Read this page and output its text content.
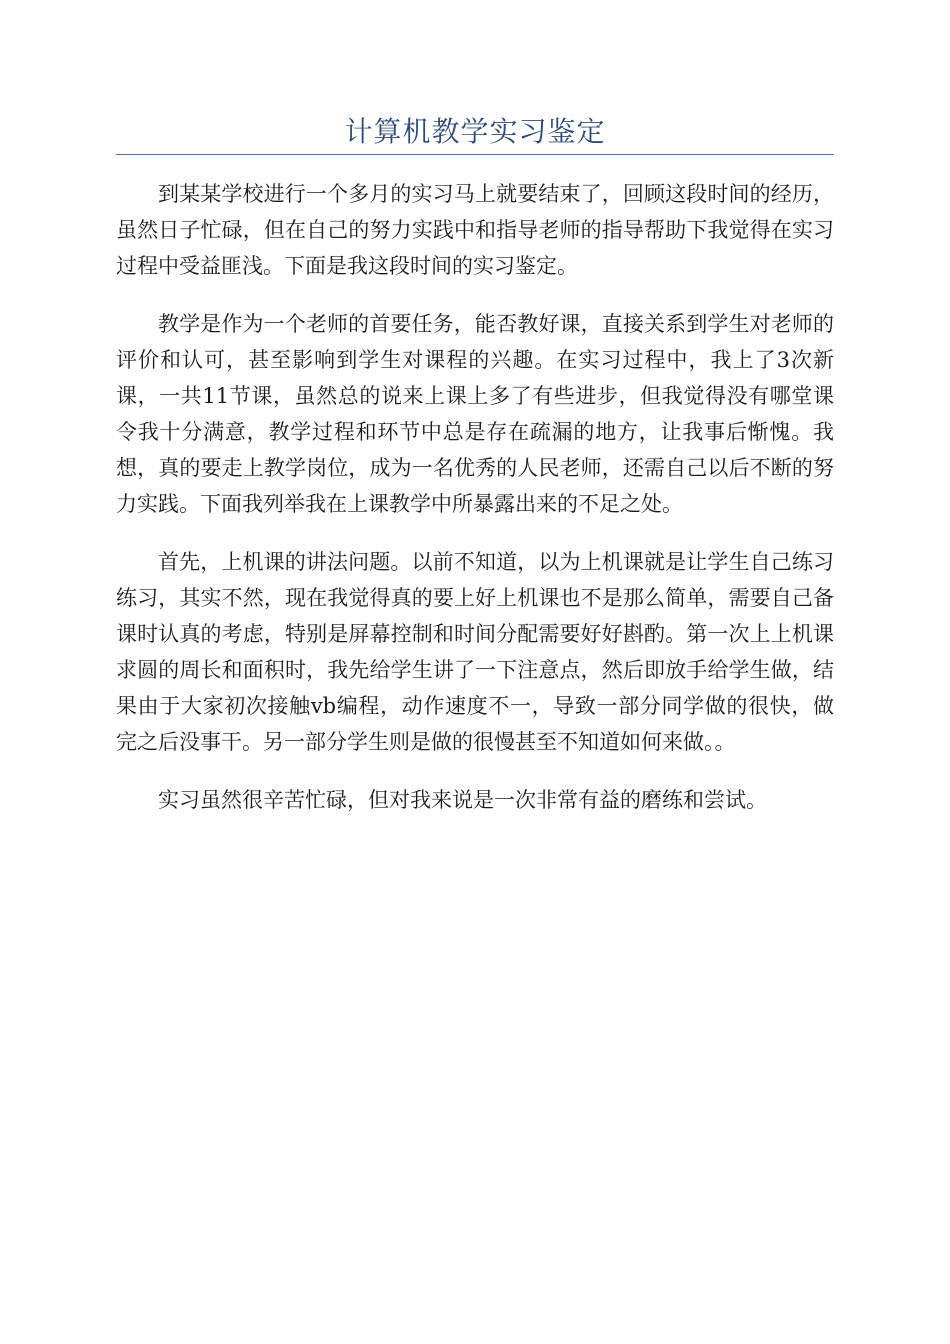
计算机教学实习鉴定

到某某学校进行一个多月的实习马上就要结束了，回顾这段时间的经历，虽然日子忙碌，但在自己的努力实践中和指导老师的指导帮助下我觉得在实习过程中受益匪浅。下面是我这段时间的实习鉴定。

教学是作为一个老师的首要任务，能否教好课，直接关系到学生对老师的评价和认可，甚至影响到学生对课程的兴趣。在实习过程中，我上了3次新课，一共11节课，虽然总的说来上课上多了有些进步，但我觉得没有哪堂课令我十分满意，教学过程和环节中总是存在疏漏的地方，让我事后惭愧。我想，真的要走上教学岗位，成为一名优秀的人民老师，还需自己以后不断的努力实践。下面我列举我在上课教学中所暴露出来的不足之处。

首先，上机课的讲法问题。以前不知道，以为上机课就是让学生自己练习练习，其实不然，现在我觉得真的要上好上机课也不是那么简单，需要自己备课时认真的考虑，特别是屏幕控制和时间分配需要好好斟酌。第一次上上机课求圆的周长和面积时，我先给学生讲了一下注意点，然后即放手给学生做，结果由于大家初次接触vb编程，动作速度不一，导致一部分同学做的很快，做完之后没事干。另一部分学生则是做的很慢甚至不知道如何来做。。

实习虽然很辛苦忙碌，但对我来说是一次非常有益的磨练和尝试。
